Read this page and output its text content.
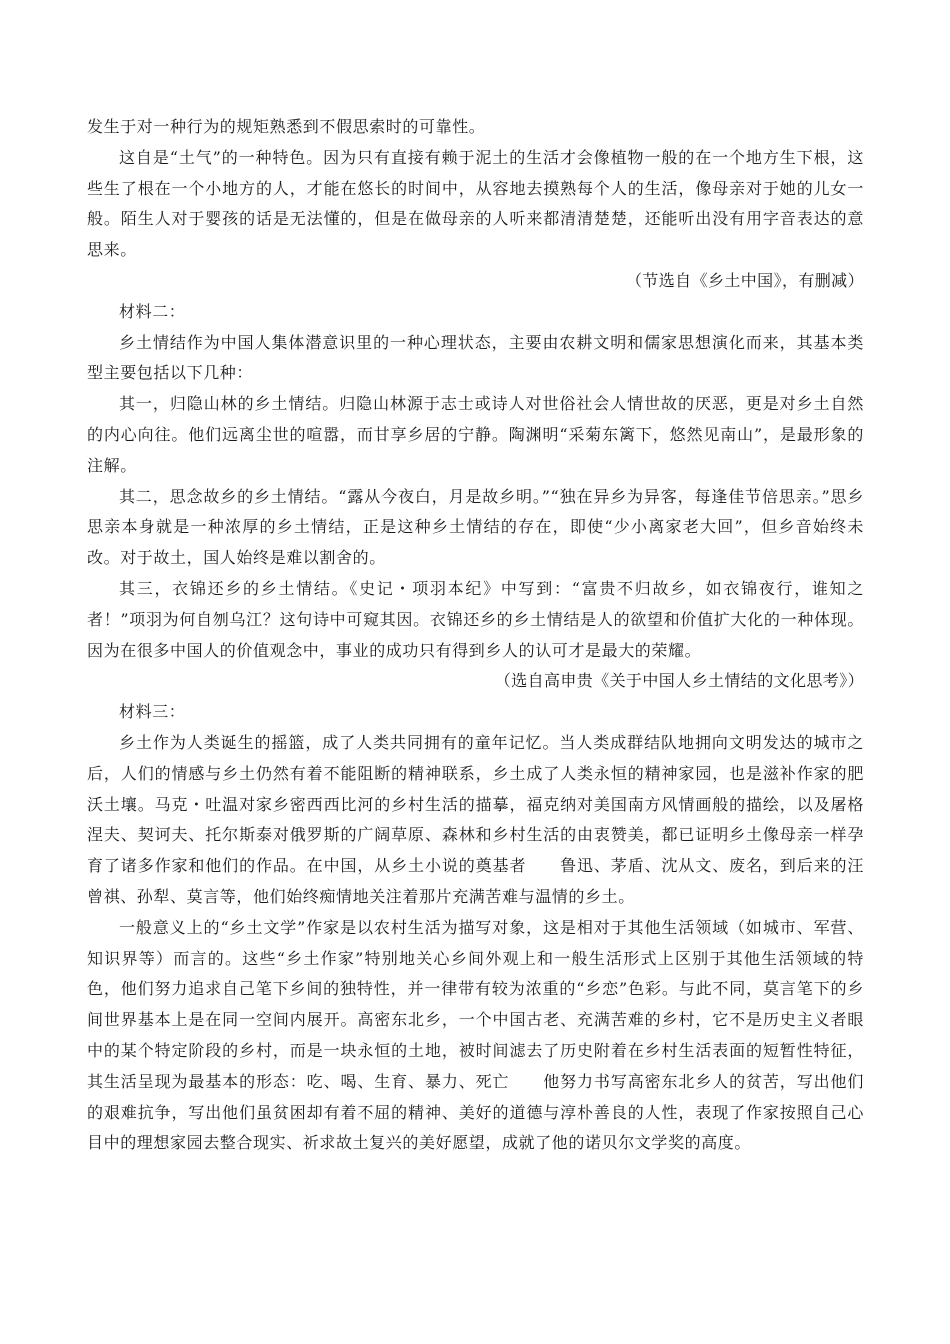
发生于对一种行为的规矩熟悉到不假思索时的可靠性。

这自是“土气”的一种特色。因为只有直接有赖于泥土的生活才会像植物一般的在一个地方生下根，这些生了根在一个小地方的人，才能在悠长的时间中，从容地去摸熟每个人的生活，像母亲对于她的儿女一般。陌生人对于婴孩的话是无法懂的，但是在做母亲的人听来都清清楚楚，还能听出没有用字音表达的意思来。

（节选自《乡土中国》，有删减）

材料二：

乡土情结作为中国人集体潜意识里的一种心理状态，主要由农耕文明和儒家思想演化而来，其基本类型主要包括以下几种：

其一，归隐山林的乡土情结。归隐山林源于志士或诗人对世俗社会人情世故的厌恶，更是对乡土自然的内心向往。他们远离尘世的喧嚣，而甘享乡居的宁静。陶渊明“采菊东篱下，悠然见南山”，是最形象的注解。

其二，思念故乡的乡土情结。“露从今夜白，月是故乡明。”“独在异乡为异客，每逢佳节倍思亲。”思乡思亲本身就是一种浓厚的乡土情结，正是这种乡土情结的存在，即使“少小离家老大回”，但乡音始终未改。对于故土，国人始终是难以割舍的。

其三，衣锦还乡的乡土情结。《史记・项羽本纪》中写到：“富贵不归故乡，如衣锦夜行，谁知之者！”项羽为何自刎乌江？这句诗中可窥其因。衣锦还乡的乡土情结是人的欲望和价值扩大化的一种体现。因为在很多中国人的价值观念中，事业的成功只有得到乡人的认可才是最大的荣耀。

（选自高申贵《关于中国人乡土情结的文化思考》）

材料三：

乡土作为人类诞生的摇篮，成了人类共同拥有的童年记忆。当人类成群结队地拥向文明发达的城市之后，人们的情感与乡土仍然有着不能阻断的精神联系，乡土成了人类永恒的精神家园，也是滋补作家的肥沃土壤。马克・吐温对家乡密西西比河的乡村生活的描摹，福克纳对美国南方风情画般的描绘，以及屠格涅夫、契诃夫、托尔斯泰对俄罗斯的广阔草原、森林和乡村生活的由衷赞美，都已证明乡土像母亲一样孕育了诸多作家和他们的作品。在中国，从乡土小说的奠基者　　鲁迅、茅盾、沈从文、废名，到后来的汪曾祺、孙犁、莫言等，他们始终痴情地关注着那片充满苦难与温情的乡土。

一般意义上的“乡土文学”作家是以农村生活为描写对象，这是相对于其他生活领域（如城市、军营、知识界等）而言的。这些“乡土作家”特别地关心乡间外观上和一般生活形式上区别于其他生活领域的特色，他们努力追求自己笔下乡间的独特性，并一律带有较为浓重的“乡恋”色彩。与此不同，莫言笔下的乡间世界基本上是在同一空间内展开。高密东北乡，一个中国古老、充满苦难的乡村，它不是历史主义者眼中的某个特定阶段的乡村，而是一块永恒的土地，被时间滤去了历史附着在乡村生活表面的短暂性特征，其生活呈现为最基本的形态：吃、喝、生育、暴力、死亡　　他努力书写高密东北乡人的贫苦，写出他们的艰难抗争，写出他们虽贫困却有着不屈的精神、美好的道德与淳朴善良的人性，表现了作家按照自己心目中的理想家园去整合现实、祈求故土复兴的美好愿望，成就了他的诺贝尔文学奖的高度。
